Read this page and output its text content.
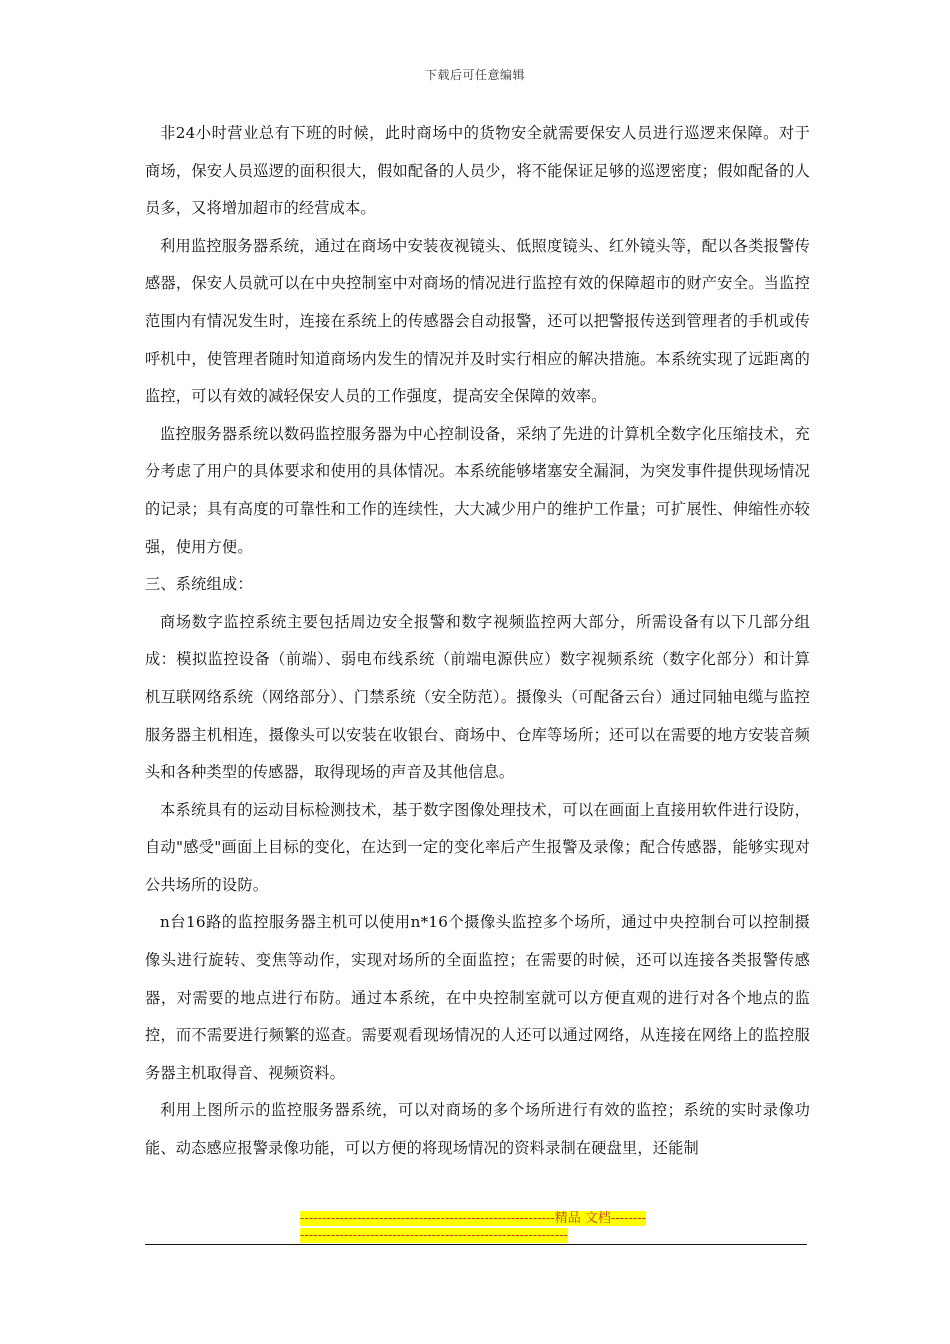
下载后可任意编辑

非24小时营业总有下班的时候，此时商场中的货物安全就需要保安人员进行巡逻来保障。对于商场，保安人员巡逻的面积很大，假如配备的人员少，将不能保证足够的巡逻密度；假如配备的人员多，又将增加超市的经营成本。

利用监控服务器系统，通过在商场中安装夜视镜头、低照度镜头、红外镜头等，配以各类报警传感器，保安人员就可以在中央控制室中对商场的情况进行监控有效的保障超市的财产安全。当监控范围内有情况发生时，连接在系统上的传感器会自动报警，还可以把警报传送到管理者的手机或传呼机中，使管理者随时知道商场内发生的情况并及时实行相应的解决措施。本系统实现了远距离的监控，可以有效的减轻保安人员的工作强度，提高安全保障的效率。

监控服务器系统以数码监控服务器为中心控制设备，采纳了先进的计算机全数字化压缩技术，充分考虑了用户的具体要求和使用的具体情况。本系统能够堵塞安全漏洞，为突发事件提供现场情况的记录；具有高度的可靠性和工作的连续性，大大减少用户的维护工作量；可扩展性、伸缩性亦较强，使用方便。

三、系统组成：

商场数字监控系统主要包括周边安全报警和数字视频监控两大部分，所需设备有以下几部分组成：模拟监控设备（前端）、弱电布线系统（前端电源供应）数字视频系统（数字化部分）和计算机互联网络系统（网络部分）、门禁系统（安全防范）。摄像头（可配备云台）通过同轴电缆与监控服务器主机相连，摄像头可以安装在收银台、商场中、仓库等场所；还可以在需要的地方安装音频头和各种类型的传感器，取得现场的声音及其他信息。

本系统具有的运动目标检测技术，基于数字图像处理技术，可以在画面上直接用软件进行设防，自动"感受"画面上目标的变化，在达到一定的变化率后产生报警及录像；配合传感器，能够实现对公共场所的设防。

n台16路的监控服务器主机可以使用n*16个摄像头监控多个场所，通过中央控制台可以控制摄像头进行旋转、变焦等动作，实现对场所的全面监控；在需要的时候，还可以连接各类报警传感器，对需要的地点进行布防。通过本系统，在中央控制室就可以方便直观的进行对各个地点的监控，而不需要进行频繁的巡查。需要观看现场情况的人还可以通过网络，从连接在网络上的监控服务器主机取得音、视频资料。

利用上图所示的监控服务器系统，可以对商场的多个场所进行有效的监控；系统的实时录像功能、动态感应报警录像功能，可以方便的将现场情况的资料录制在硬盘里，还能制

----------------------------------------------------------精品 文档---------------------------------------------------------------------
